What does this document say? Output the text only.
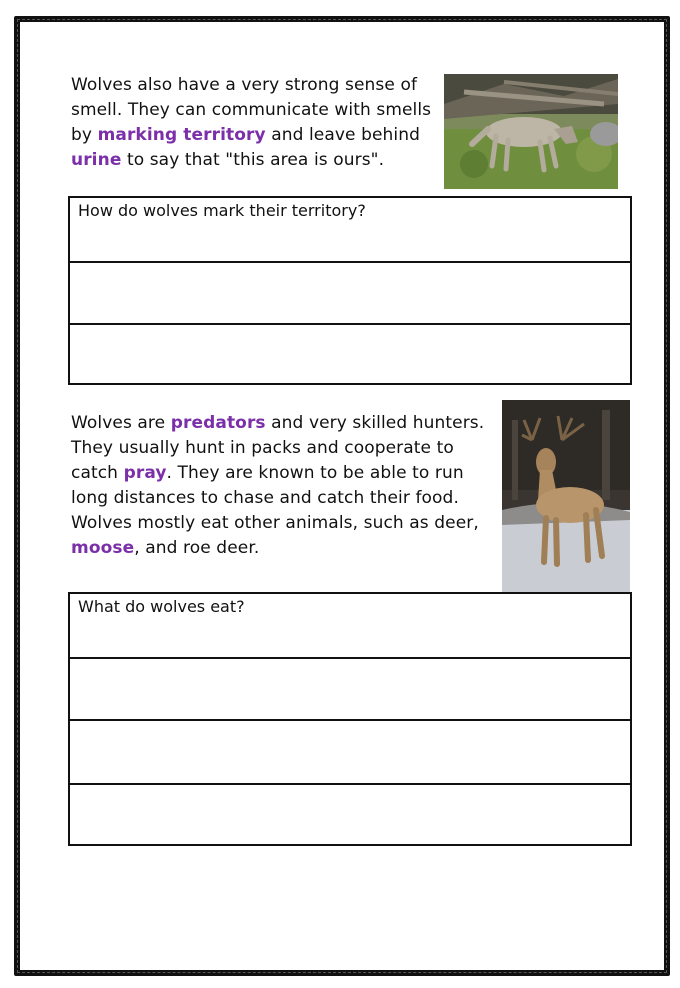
Wolves also have a very strong sense of smell. They can communicate with smells by marking territory and leave behind urine to say that "this area is ours".

How do wolves mark their territory?

Wolves are predators and very skilled hunters. They usually hunt in packs and cooperate to catch pray. They are known to be able to run long distances to chase and catch their food. Wolves mostly eat other animals, such as deer, moose, and roe deer.

What do wolves eat?
